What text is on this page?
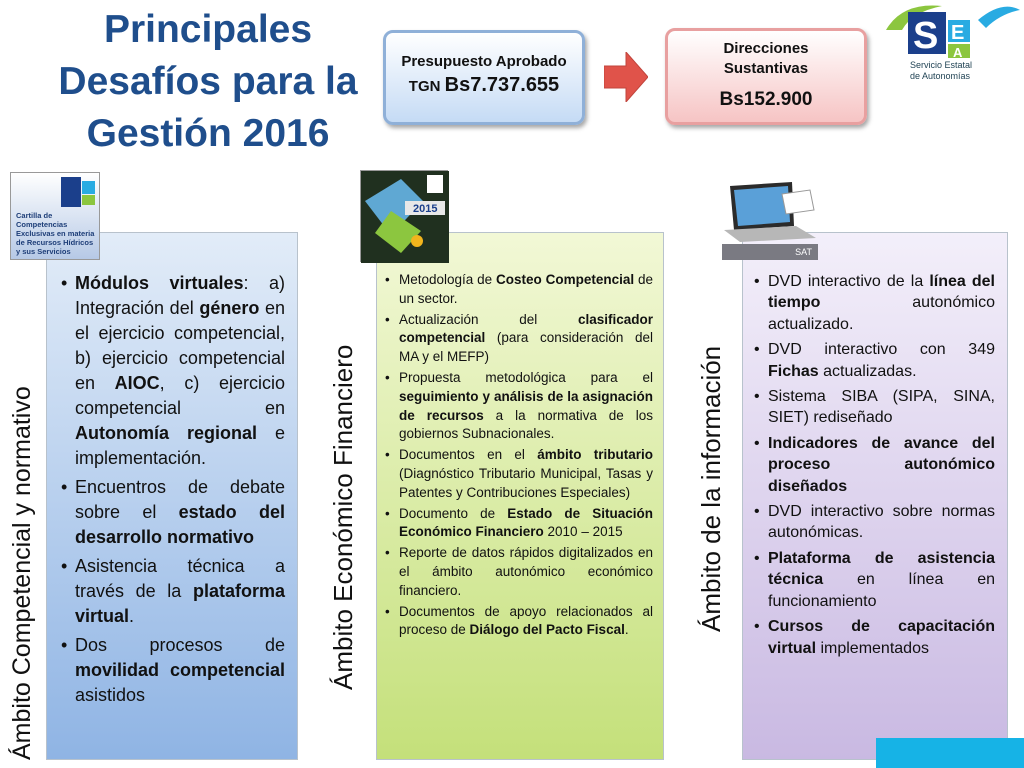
Principales
Desafíos para la
Gestión 2016
Presupuesto Aprobado
TGN Bs7.737.655
Direcciones
Sustantivas
Bs152.900
S E
A
Servicio Estatal
de Autonomías
• Módulos virtuales: a) Integración del género en el ejercicio competencial, b) ejercicio competencial en AIOC, c) ejercicio competencial en Autonomía regional e implementación.
• Encuentros de debate sobre el estado del desarrollo normativo
• Asistencia técnica a través de la plataforma virtual.
• Dos procesos de movilidad competencial asistidos
Cartilla de Competencias Exclusivas en materia de Recursos Hídricos y sus Servicios
Ámbito Competencial y normativo
• Metodología de Costeo Competencial de un sector.
• Actualización del clasificador competencial (para consideración del MA y el MEFP)
• Propuesta metodológica para el seguimiento y análisis de la asignación de recursos a la normativa de los gobiernos Subnacionales.
• Documentos en el ámbito tributario (Diagnóstico Tributario Municipal, Tasas y Patentes y Contribuciones Especiales)
• Documento de Estado de Situación Económico Financiero 2010 – 2015
• Reporte de datos rápidos digitalizados en el ámbito autonómico económico financiero.
• Documentos de apoyo relacionados al proceso de Diálogo del Pacto Fiscal.
2015
Ámbito Económico Financiero
• DVD interactivo de la línea del tiempo autonómico actualizado.
• DVD interactivo con 349 Fichas actualizadas.
• Sistema SIBA (SIPA, SINA, SIET) rediseñado
• Indicadores de avance del proceso autonómico diseñados
• DVD interactivo sobre normas autonómicas.
• Plataforma de asistencia técnica en línea en funcionamiento
• Cursos de capacitación virtual implementados
SAT
Ámbito de la información
